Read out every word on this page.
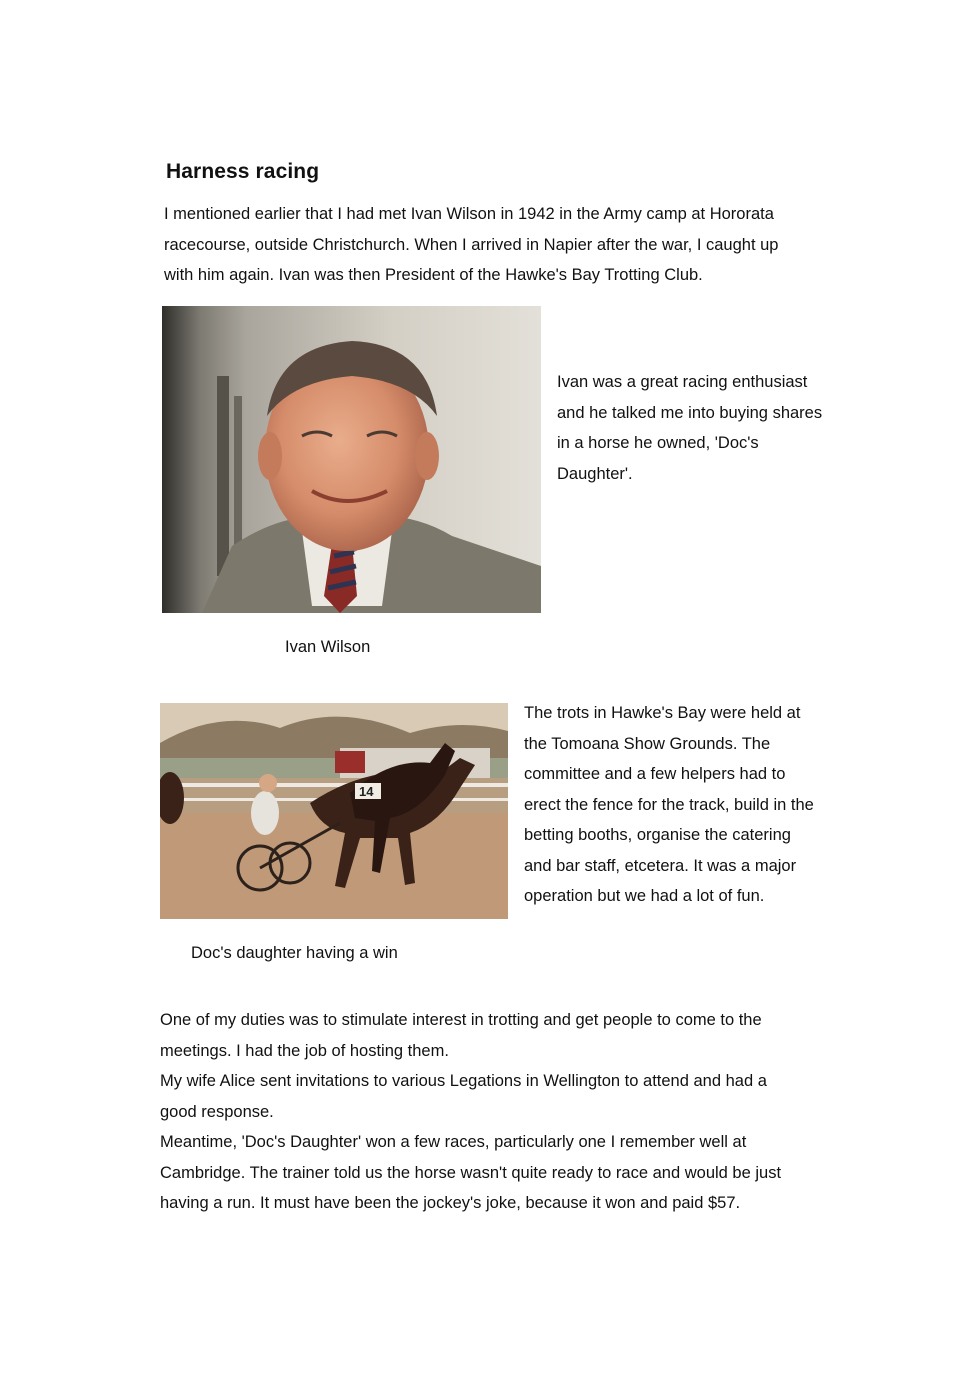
Harness racing
I mentioned earlier that I had met Ivan Wilson in 1942 in the Army camp at Hororata
racecourse, outside Christchurch. When I arrived in Napier after the war, I caught up
with him again. Ivan was then President of the Hawke's Bay Trotting Club.
Ivan Wilson
Ivan was a great racing enthusiast
and he talked me into buying shares
in a horse he owned, 'Doc's
Daughter'.
14
Doc's daughter having a win
The trots in Hawke's Bay were held at
the Tomoana Show Grounds. The
committee and a few helpers had to
erect the fence for the track, build in the
betting booths, organise the catering
and bar staff, etcetera. It was a major
operation but we had a lot of fun.
One of my duties was to stimulate interest in trotting and get people to come to the
meetings. I had the job of hosting them.
My wife Alice sent invitations to various Legations in Wellington to attend and had a
good response.
Meantime, 'Doc's Daughter' won a few races, particularly one I remember well at
Cambridge. The trainer told us the horse wasn't quite ready to race and would be just
having a run. It must have been the jockey's joke, because it won and paid $57.
